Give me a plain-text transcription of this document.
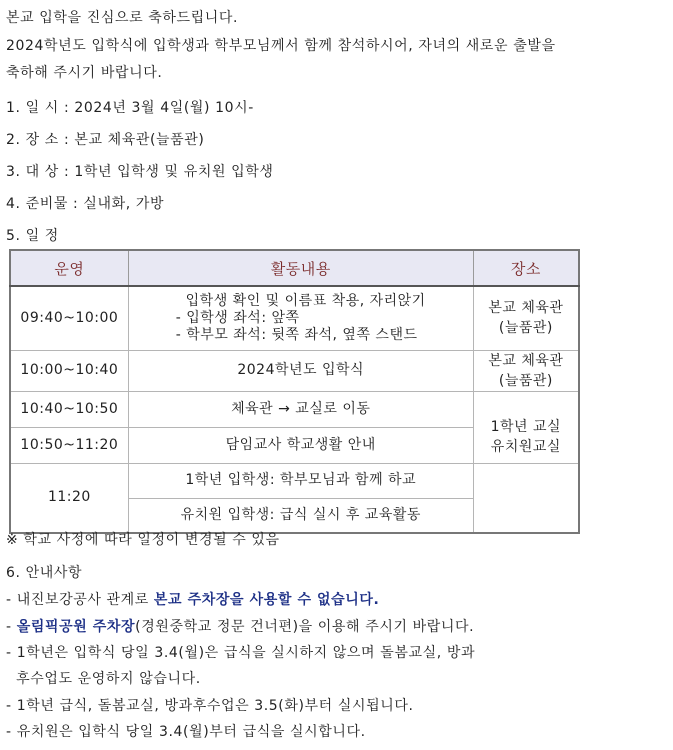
본교 입학을 진심으로 축하드립니다.
2024학년도 입학식에 입학생과 학부모님께서 함께 참석하시어, 자녀의 새로운 출발을
축하해 주시기 바랍니다.
1. 일 시 : 2024년 3월 4일(월) 10시-
2. 장 소 : 본교 체육관(늘품관)
3. 대 상 : 1학년 입학생 및 유치원 입학생
4. 준비물 : 실내화, 가방
5. 일 정
운영	활동내용	장소
09:40~10:00	입학생 확인 및 이름표 착용, 자리앉기
- 입학생 좌석: 앞쪽
- 학부모 좌석: 뒷쪽 좌석, 옆쪽 스탠드	본교 체육관
(늘품관)
10:00~10:40	2024학년도 입학식	본교 체육관
(늘품관)
10:40~10:50	체육관 → 교실로 이동	1학년 교실
유치원교실
10:50~11:20	담임교사 학교생활 안내	
11:20	1학년 입학생: 학부모님과 함께 하교	
	유치원 입학생: 급식 실시 후 교육활동	
※ 학교 사정에 따라 일정이 변경될 수 있음
6. 안내사항
- 내진보강공사 관계로 본교 주차장을 사용할 수 없습니다.
- 올림픽공원 주차장(경원중학교 정문 건너편)을 이용해 주시기 바랍니다.
- 1학년은 입학식 당일 3.4(월)은 급식을 실시하지 않으며 돌봄교실, 방과
후수업도 운영하지 않습니다.
- 1학년 급식, 돌봄교실, 방과후수업은 3.5(화)부터 실시됩니다.
- 유치원은 입학식 당일 3.4(월)부터 급식을 실시합니다.
